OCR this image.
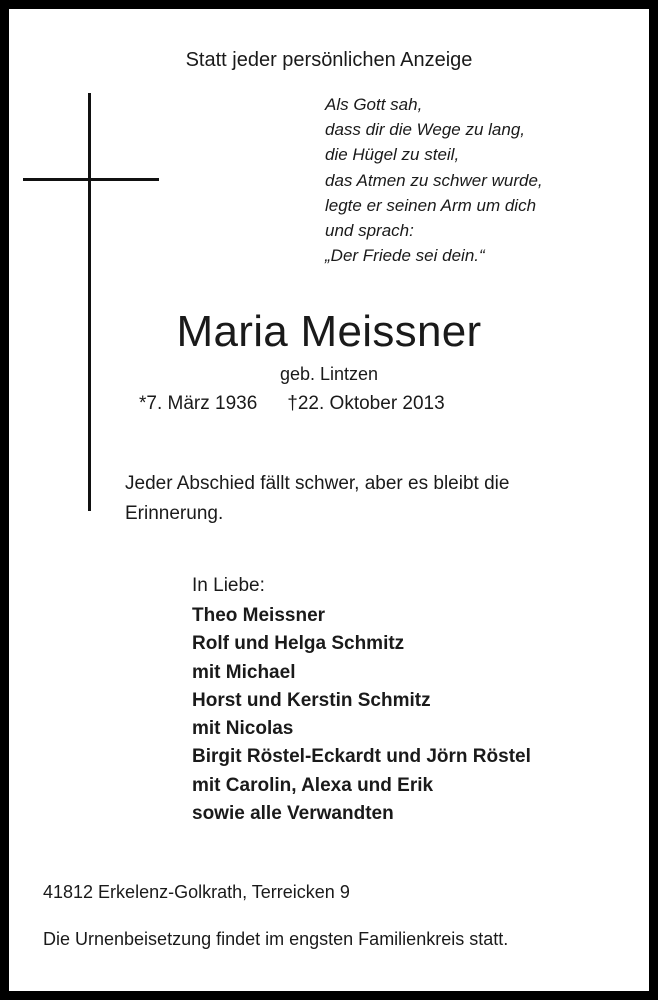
Statt jeder persönlichen Anzeige
Als Gott sah,
dass dir die Wege zu lang,
die Hügel zu steil,
das Atmen zu schwer wurde,
legte er seinen Arm um dich
und sprach:
„Der Friede sei dein.“
Maria Meissner
geb. Lintzen
*7. März 1936 †22. Oktober 2013
Jeder Abschied fällt schwer, aber es bleibt die
Erinnerung.
In Liebe:
Theo Meissner
Rolf und Helga Schmitz
mit Michael
Horst und Kerstin Schmitz
mit Nicolas
Birgit Röstel-Eckardt und Jörn Röstel
mit Carolin, Alexa und Erik
sowie alle Verwandten
41812 Erkelenz-Golkrath, Terreicken 9
Die Urnenbeisetzung findet im engsten Familienkreis statt.
